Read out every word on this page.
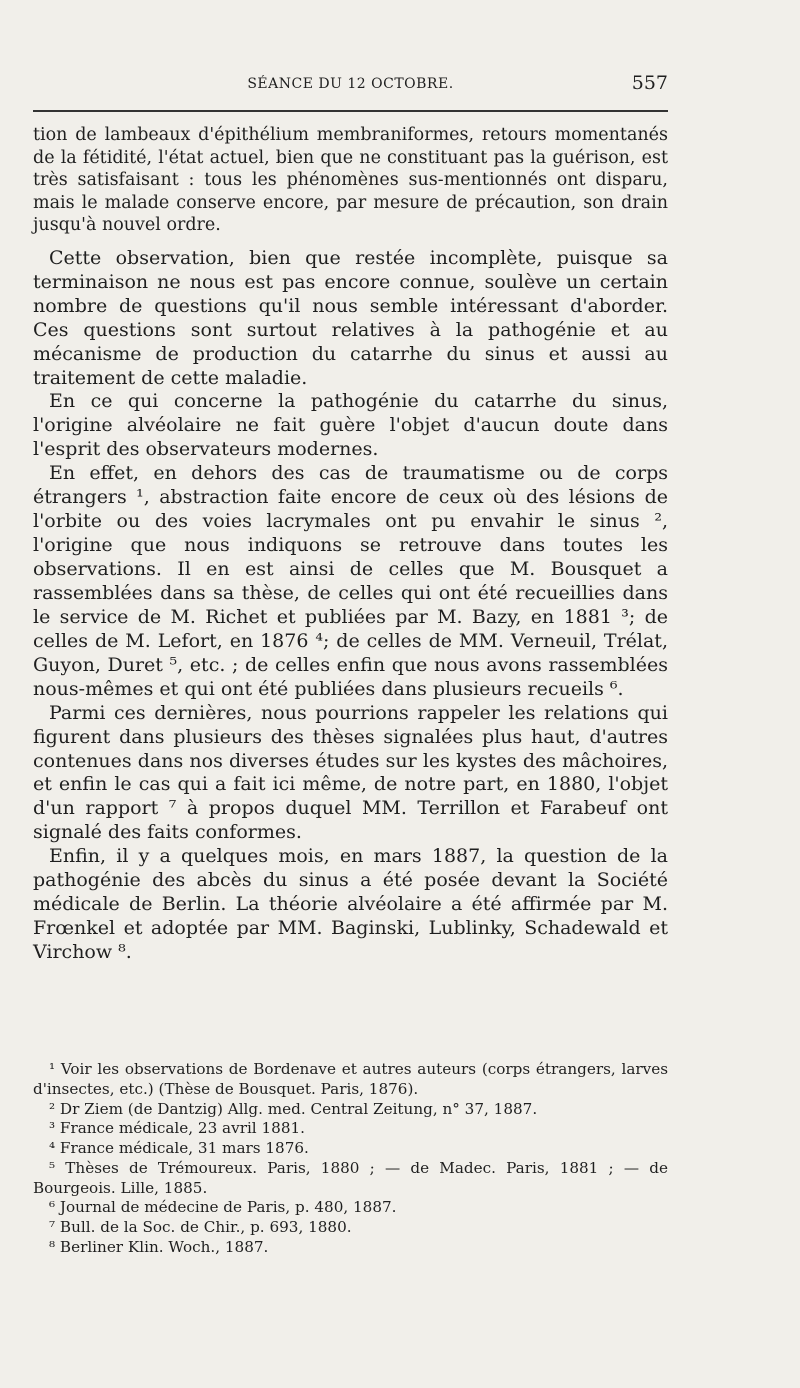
SÉANCE DU 12 OCTOBRE.	557

tion de lambeaux d'épithélium membraniformes, retours momentanés de la fétidité, l'état actuel, bien que ne constituant pas la guérison, est très satisfaisant : tous les phénomènes sus-mentionnés ont disparu, mais le malade conserve encore, par mesure de précaution, son drain jusqu'à nouvel ordre.

Cette observation, bien que restée incomplète, puisque sa terminaison ne nous est pas encore connue, soulève un certain nombre de questions qu'il nous semble intéressant d'aborder. Ces questions sont surtout relatives à la pathogénie et au mécanisme de production du catarrhe du sinus et aussi au traitement de cette maladie.

En ce qui concerne la pathogénie du catarrhe du sinus, l'origine alvéolaire ne fait guère l'objet d'aucun doute dans l'esprit des observateurs modernes.

En effet, en dehors des cas de traumatisme ou de corps étrangers ¹, abstraction faite encore de ceux où des lésions de l'orbite ou des voies lacrymales ont pu envahir le sinus ², l'origine que nous indiquons se retrouve dans toutes les observations. Il en est ainsi de celles que M. Bousquet a rassemblées dans sa thèse, de celles qui ont été recueillies dans le service de M. Richet et publiées par M. Bazy, en 1881 ³; de celles de M. Lefort, en 1876 ⁴; de celles de MM. Verneuil, Trélat, Guyon, Duret ⁵, etc. ; de celles enfin que nous avons rassemblées nous-mêmes et qui ont été publiées dans plusieurs recueils ⁶.

Parmi ces dernières, nous pourrions rappeler les relations qui figurent dans plusieurs des thèses signalées plus haut, d'autres contenues dans nos diverses études sur les kystes des mâchoires, et enfin le cas qui a fait ici même, de notre part, en 1880, l'objet d'un rapport ⁷ à propos duquel MM. Terrillon et Farabeuf ont signalé des faits conformes.

Enfin, il y a quelques mois, en mars 1887, la question de la pathogénie des abcès du sinus a été posée devant la Société médicale de Berlin. La théorie alvéolaire a été affirmée par M. Frœnkel et adoptée par MM. Baginski, Lublinky, Schadewald et Virchow ⁸.

¹ Voir les observations de Bordenave et autres auteurs (corps étrangers, larves d'insectes, etc.) (Thèse de Bousquet. Paris, 1876).

² Dr Ziem (de Dantzig) Allg. med. Central Zeitung, n° 37, 1887.

³ France médicale, 23 avril 1881.

⁴ France médicale, 31 mars 1876.

⁵ Thèses de Trémoureux. Paris, 1880 ; — de Madec. Paris, 1881 ; — de Bourgeois. Lille, 1885.

⁶ Journal de médecine de Paris, p. 480, 1887.

⁷ Bull. de la Soc. de Chir., p. 693, 1880.

⁸ Berliner Klin. Woch., 1887.
